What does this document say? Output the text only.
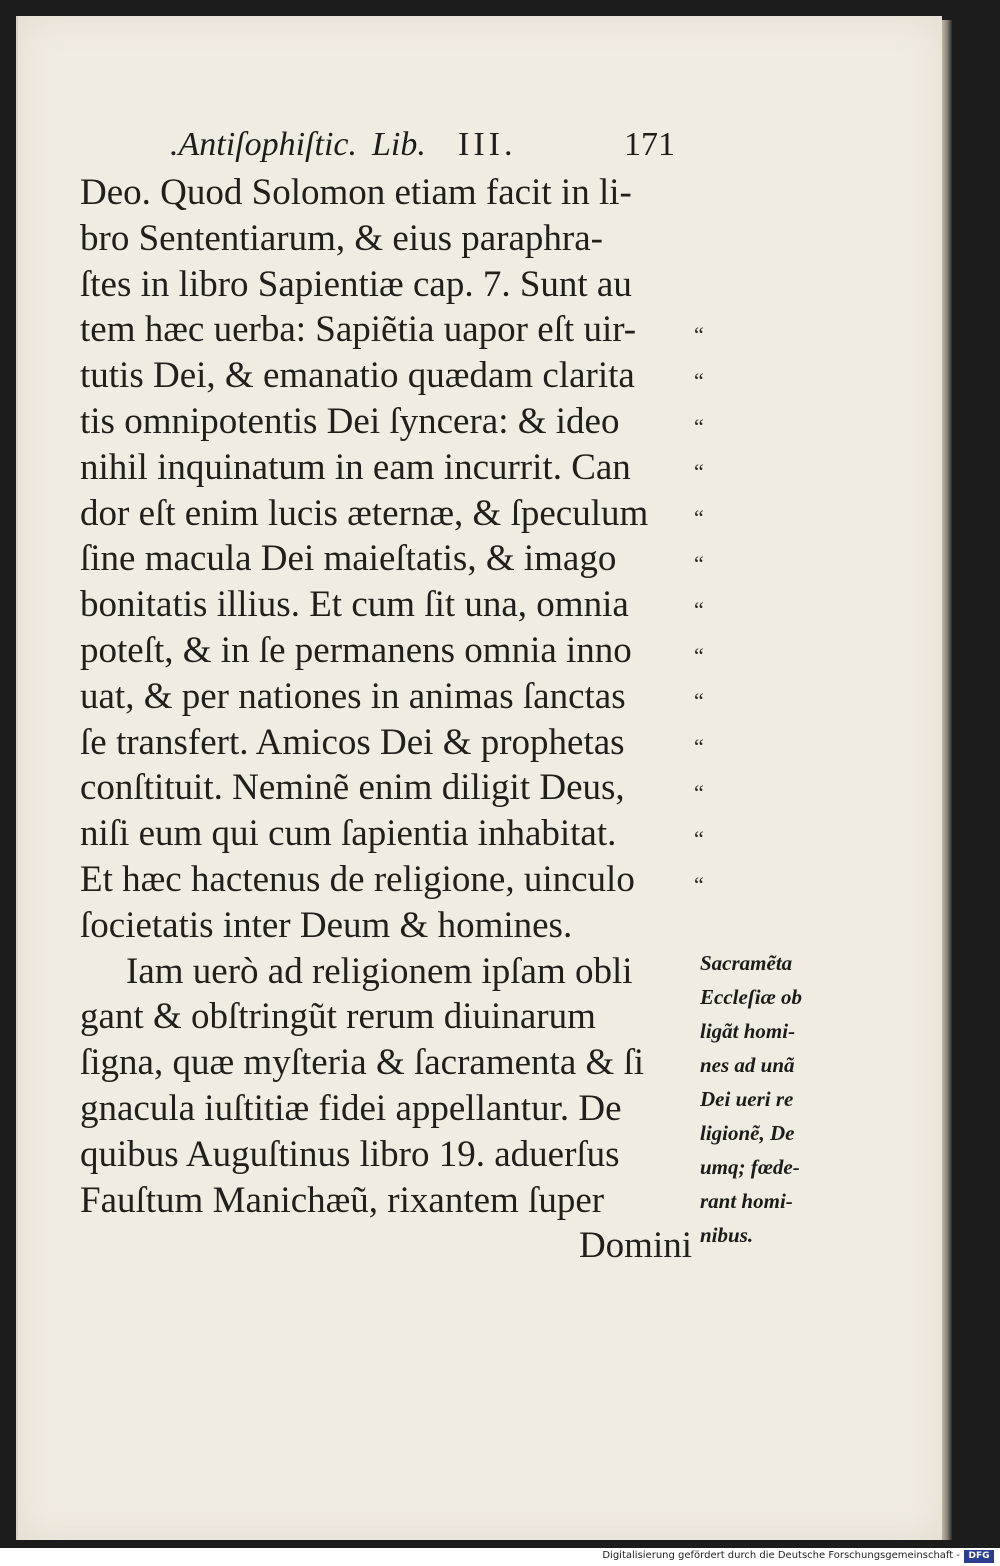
.Antiſophiſtic. Lib. III.	171
Deo. Quod Solomon etiam facit in li-
bro Sententiarum, & eius paraphra-
ſtes in libro Sapientiæ cap. 7. Sunt au
tem hæc uerba: Sapiẽtia uapor eſt uir-
tutis Dei, & emanatio quædam clarita
tis omnipotentis Dei ſyncera: & ideo
nihil inquinatum in eam incurrit. Can
dor eſt enim lucis æternæ, & ſpeculum
ſine macula Dei maieſtatis, & imago
bonitatis illius. Et cum ſit una, omnia
poteſt, & in ſe permanens omnia inno
uat, & per nationes in animas ſanctas
ſe transfert. Amicos Dei & prophetas
conſtituit. Neminẽ enim diligit Deus,
niſi eum qui cum ſapientia inhabitat.
Et hæc hactenus de religione, uinculo
ſocietatis inter Deum & homines.
Iam uerò ad religionem ipſam obli
gant & obſtringũt rerum diuinarum
ſigna, quæ myſteria & ſacramenta & ſi
gnacula iuſtitiæ fidei appellantur. De
quibus Auguſtinus libro 19. aduerſus
Fauſtum Manichæũ, rixantem ſuper
Domini
“
“
“
“
“
“
“
“
“
“
“
“
“
Sacramẽta
Eccleſiæ ob
ligãt homi-
nes ad unã
Dei ueri re
ligionẽ, De
umq; fœde-
rant homi-
nibus.
Digitalisierung gefördert durch die Deutsche Forschungsgemeinschaft - DFG
